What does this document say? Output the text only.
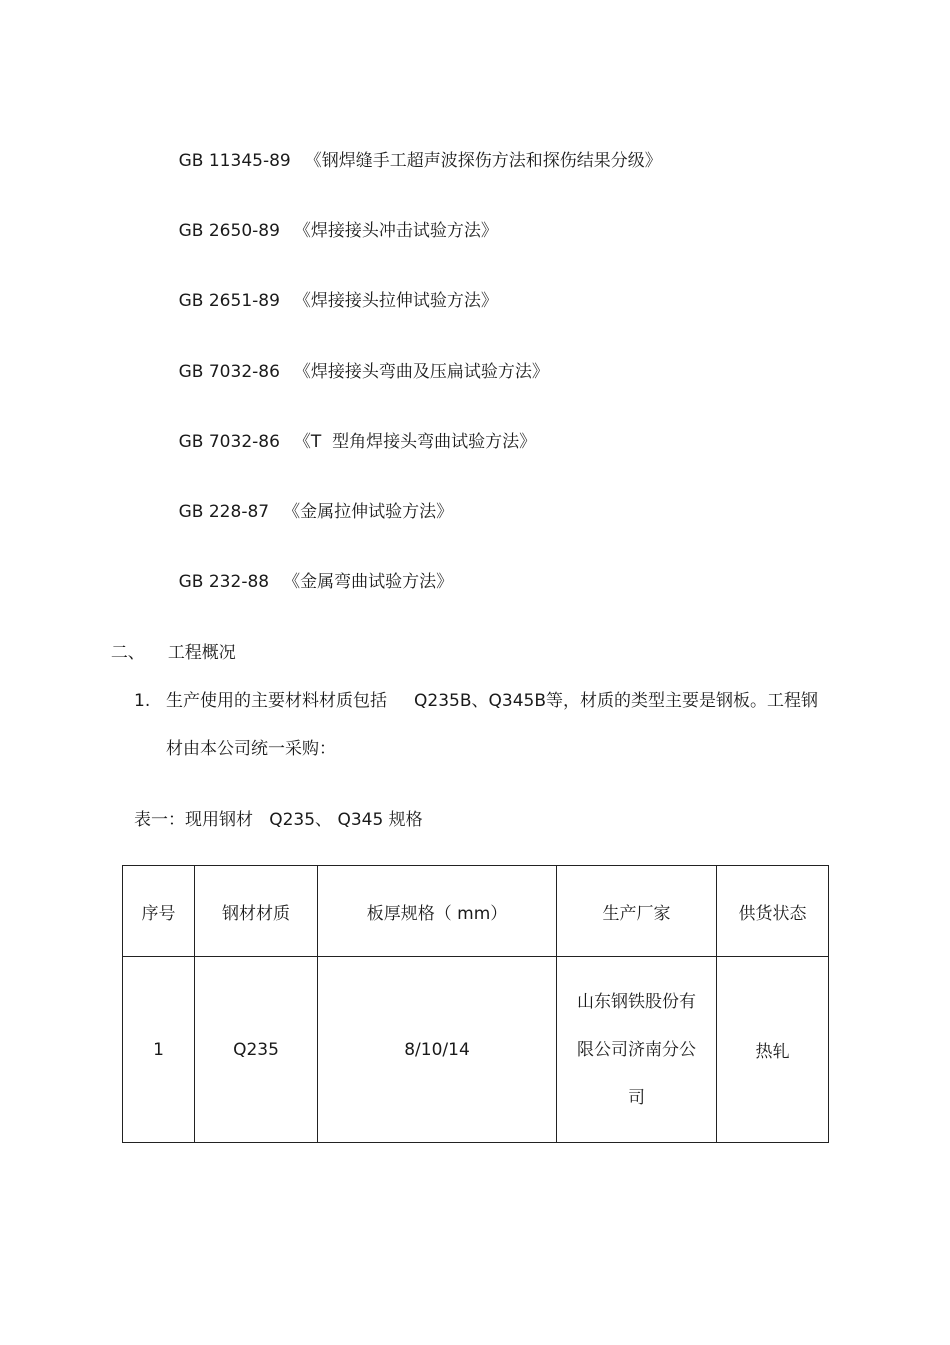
GB 11345-89 《钢焊缝手工超声波探伤方法和探伤结果分级》

GB 2650-89 《焊接接头冲击试验方法》

GB 2651-89 《焊接接头拉伸试验方法》

GB 7032-86 《焊接接头弯曲及压扁试验方法》

GB 7032-86 《T  型角焊接头弯曲试验方法》

GB 228-87 《金属拉伸试验方法》

GB 232-88 《金属弯曲试验方法》

二、 工程概况

1. 生产使用的主要材料材质包括     Q235B、Q345B等，材质的类型主要是钢板。工程钢
材由本公司统一采购：
表一：现用钢材   Q235、 Q345 规格
序号	钢材材质	板厚规格（ mm）	生产厂家	供货状态
1	Q235	8/10/14	山东钢铁股份有限公司济南分公司	热轧
